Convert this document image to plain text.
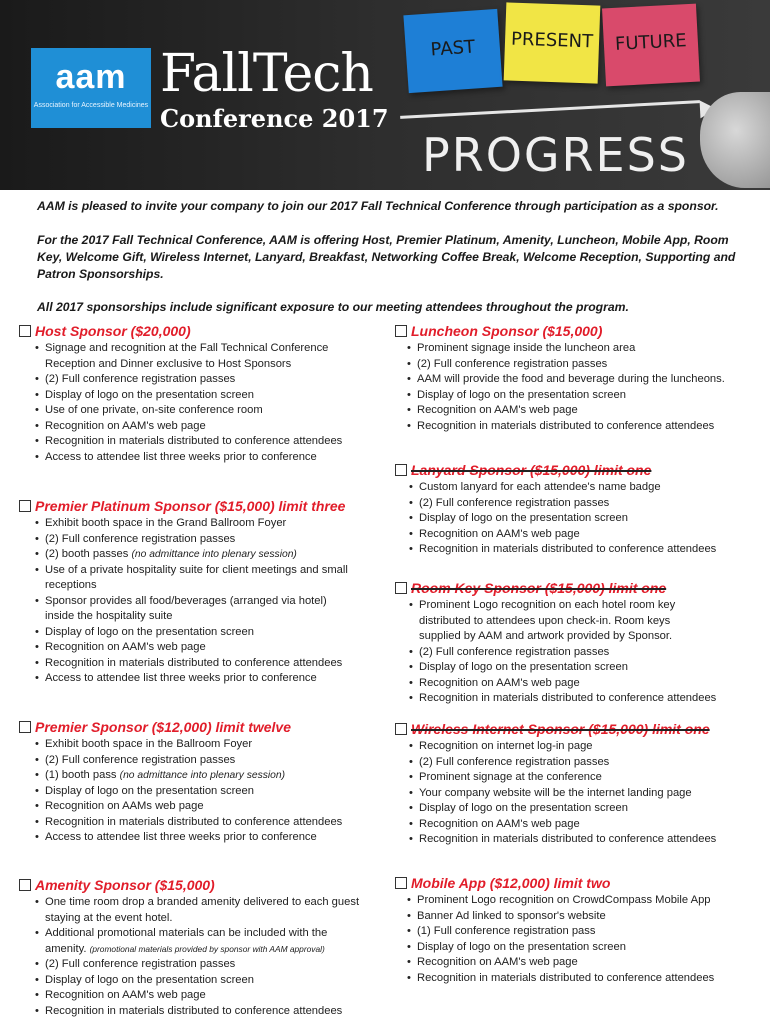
PAST	PRESENT	FUTURE
PROGRESS
aam
Association for Accessible Medicines
FallTech
Conference 2017
AAM is pleased to invite your company to join our 2017 Fall Technical Conference through participation as a sponsor.
For the 2017 Fall Technical Conference, AAM is offering Host, Premier Platinum, Amenity, Luncheon, Mobile App, Room Key, Welcome Gift, Wireless Internet, Lanyard, Breakfast, Networking Coffee Break, Welcome Reception, Supporting and Patron Sponsorships.
All 2017 sponsorships include significant exposure to our meeting attendees throughout the program.
Host Sponsor ($20,000)
• Signage and recognition at the Fall Technical Conference Reception and Dinner exclusive to Host Sponsors
• (2) Full conference registration passes
• Display of logo on the presentation screen
• Use of one private, on-site conference room
• Recognition on AAM's web page
• Recognition in materials distributed to conference attendees
• Access to attendee list three weeks prior to conference
Premier Platinum Sponsor ($15,000) limit three
• Exhibit booth space in the Grand Ballroom Foyer
• (2) Full conference registration passes
• (2) booth passes (no admittance into plenary session)
• Use of a private hospitality suite for client meetings and small receptions
• Sponsor provides all food/beverages (arranged via hotel) inside the hospitality suite
• Display of logo on the presentation screen
• Recognition on AAM's web page
• Recognition in materials distributed to conference attendees
• Access to attendee list three weeks prior to conference
Premier Sponsor ($12,000) limit twelve
• Exhibit booth space in the Ballroom Foyer
• (2) Full conference registration passes
• (1) booth pass (no admittance into plenary session)
• Display of logo on the presentation screen
• Recognition on AAMs web page
• Recognition in materials distributed to conference attendees
• Access to attendee list three weeks prior to conference
Amenity Sponsor ($15,000)
• One time room drop a branded amenity delivered to each guest staying at the event hotel.
• Additional promotional materials can be included with the amenity. (promotional materials provided by sponsor with AAM approval)
• (2) Full conference registration passes
• Display of logo on the presentation screen
• Recognition on AAM's web page
• Recognition in materials distributed to conference attendees
Luncheon Sponsor ($15,000)
• Prominent signage inside the luncheon area
• (2) Full conference registration passes
• AAM will provide the food and beverage during the luncheons.
• Display of logo on the presentation screen
• Recognition on AAM's web page
• Recognition in materials distributed to conference attendees
Lanyard Sponsor ($15,000) limit one
• Custom lanyard for each attendee's name badge
• (2) Full conference registration passes
• Display of logo on the presentation screen
• Recognition on AAM's web page
• Recognition in materials distributed to conference attendees
Room Key Sponsor ($15,000) limit one
• Prominent Logo recognition on each hotel room key distributed to attendees upon check-in. Room keys supplied by AAM and artwork provided by Sponsor.
• (2) Full conference registration passes
• Display of logo on the presentation screen
• Recognition on AAM's web page
• Recognition in materials distributed to conference attendees
Wireless Internet Sponsor ($15,000) limit one
• Recognition on internet log-in page
• (2) Full conference registration passes
• Prominent signage at the conference
• Your company website will be the internet landing page
• Display of logo on the presentation screen
• Recognition on AAM's web page
• Recognition in materials distributed to conference attendees
Mobile App ($12,000) limit two
• Prominent Logo recognition on CrowdCompass Mobile App
• Banner Ad linked to sponsor's website
• (1) Full conference registration pass
• Display of logo on the presentation screen
• Recognition on AAM's web page
• Recognition in materials distributed to conference attendees
